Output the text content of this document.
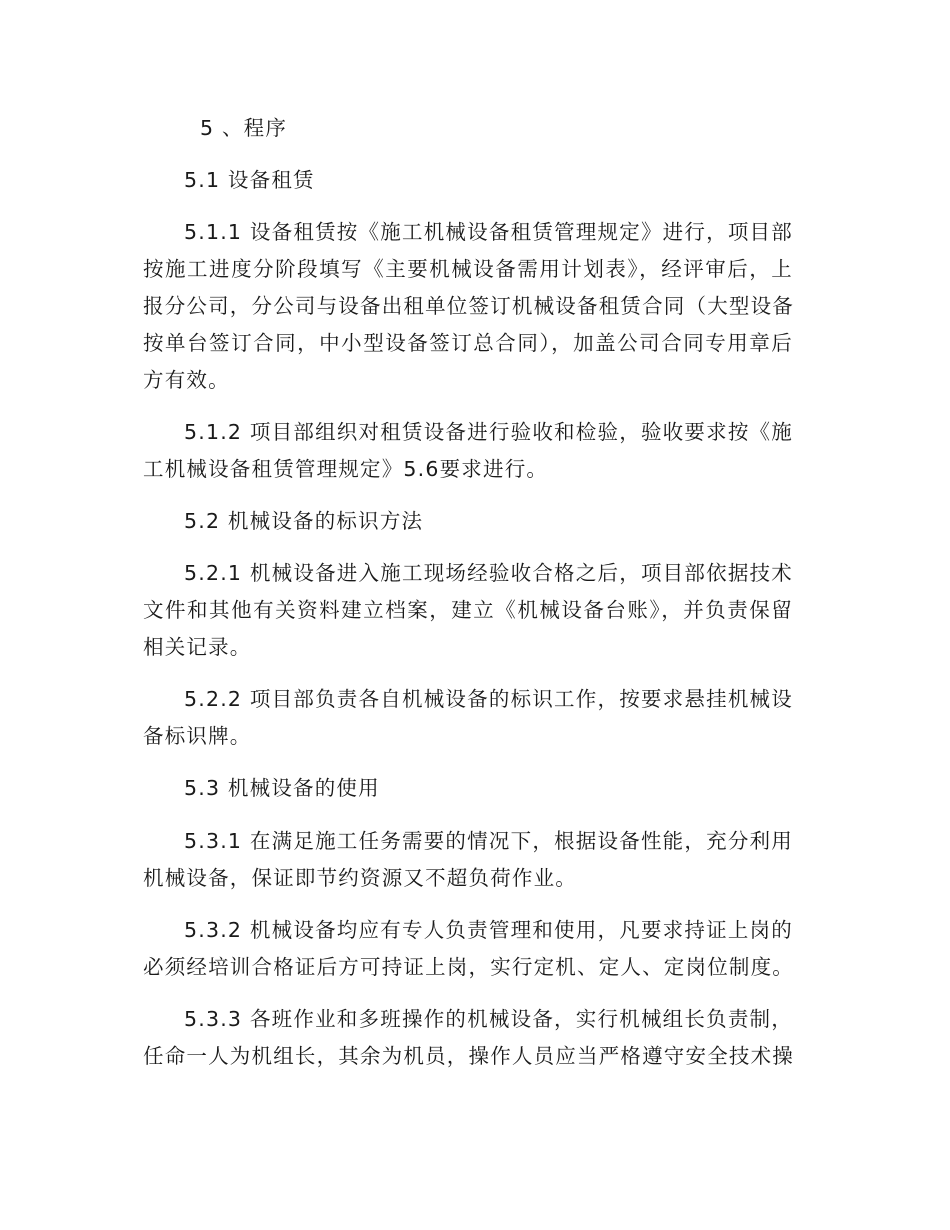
5 、程序
5.1 设备租赁
5.1.1 设备租赁按《施工机械设备租赁管理规定》进行，项目部
按施工进度分阶段填写《主要机械设备需用计划表》，经评审后，上
报分公司，分公司与设备出租单位签订机械设备租赁合同（大型设备
按单台签订合同，中小型设备签订总合同），加盖公司合同专用章后
方有效。
5.1.2 项目部组织对租赁设备进行验收和检验，验收要求按《施
工机械设备租赁管理规定》5.6要求进行。
5.2 机械设备的标识方法
5.2.1 机械设备进入施工现场经验收合格之后，项目部依据技术
文件和其他有关资料建立档案，建立《机械设备台账》，并负责保留
相关记录。
5.2.2 项目部负责各自机械设备的标识工作，按要求悬挂机械设
备标识牌。
5.3 机械设备的使用
5.3.1 在满足施工任务需要的情况下，根据设备性能，充分利用
机械设备，保证即节约资源又不超负荷作业。
5.3.2 机械设备均应有专人负责管理和使用，凡要求持证上岗的
必须经培训合格证后方可持证上岗，实行定机、定人、定岗位制度。
5.3.3 各班作业和多班操作的机械设备，实行机械组长负责制，
任命一人为机组长，其余为机员，操作人员应当严格遵守安全技术操
